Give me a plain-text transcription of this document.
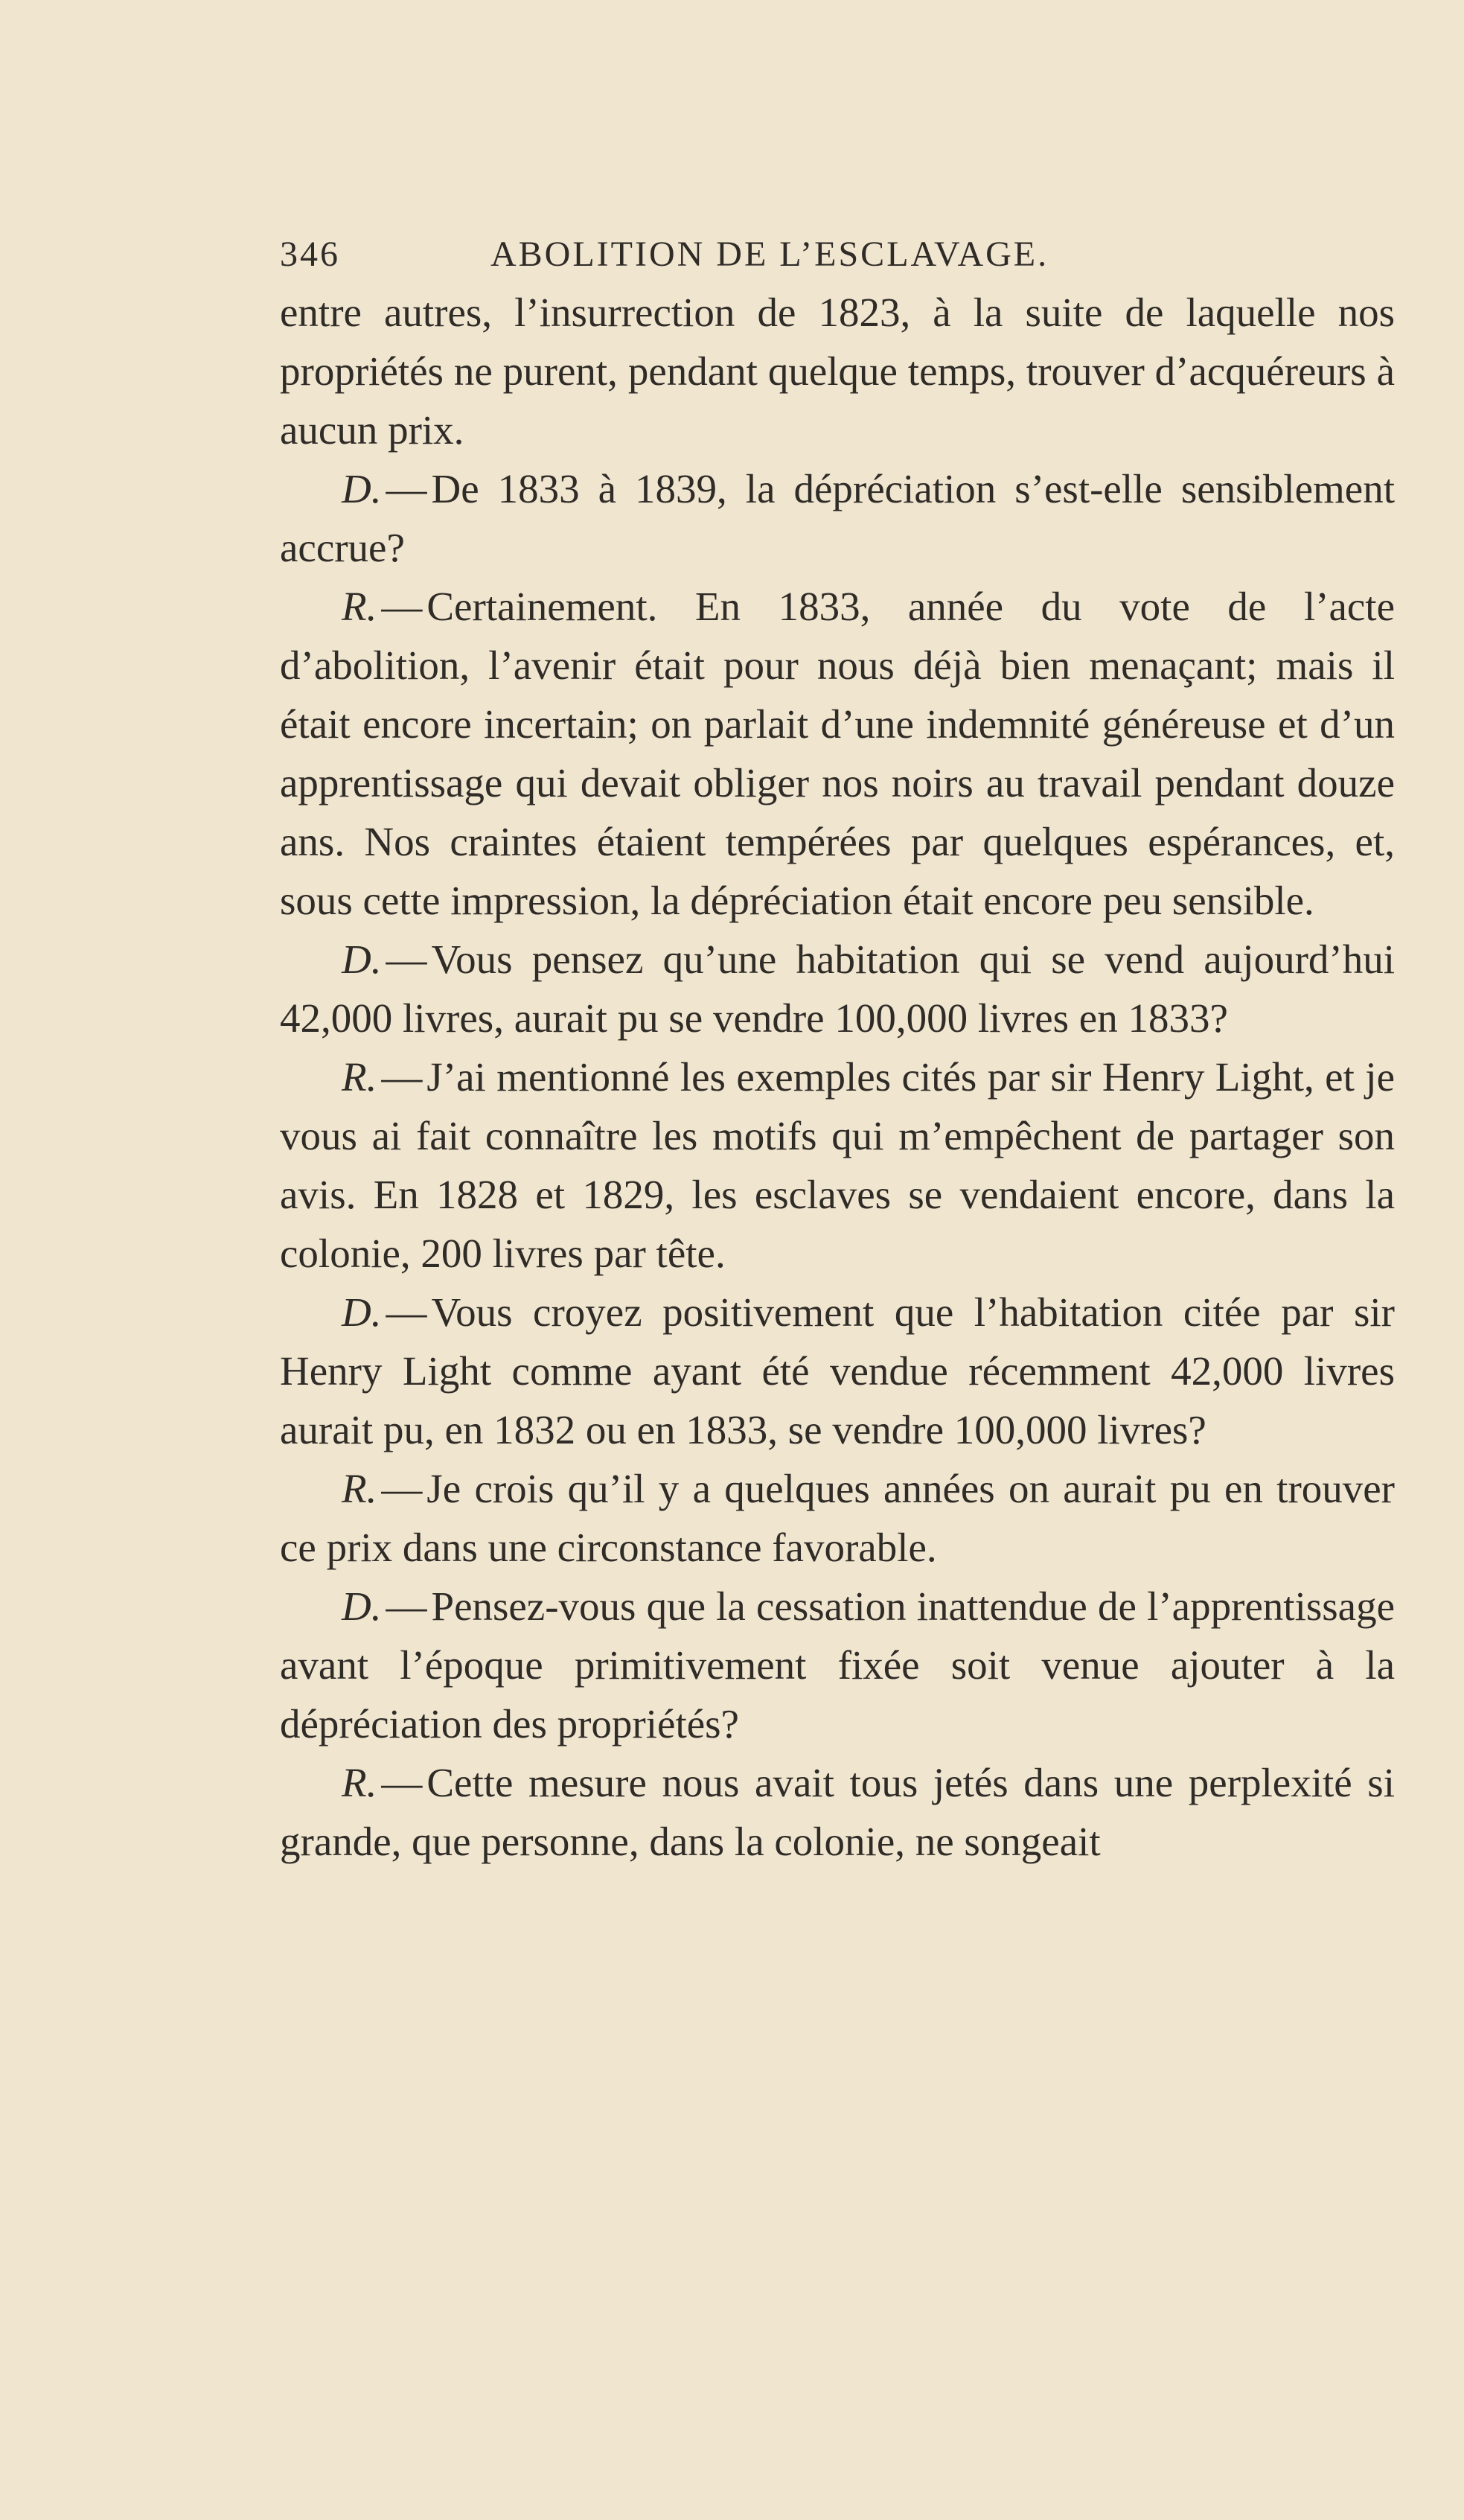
346	ABOLITION DE L’ESCLAVAGE.

entre autres, l’insurrection de 1823, à la suite de laquelle nos propriétés ne purent, pendant quelque temps, trouver d’acquéreurs à aucun prix.

D. — De 1833 à 1839, la dépréciation s’est-elle sensiblement accrue?

R. — Certainement. En 1833, année du vote de l’acte d’abolition, l’avenir était pour nous déjà bien menaçant; mais il était encore incertain; on parlait d’une indemnité généreuse et d’un apprentissage qui devait obliger nos noirs au travail pendant douze ans. Nos craintes étaient tempérées par quelques espérances, et, sous cette impression, la dépréciation était encore peu sensible.

D. — Vous pensez qu’une habitation qui se vend aujourd’hui 42,000 livres, aurait pu se vendre 100,000 livres en 1833?

R. — J’ai mentionné les exemples cités par sir Henry Light, et je vous ai fait connaître les motifs qui m’empêchent de partager son avis. En 1828 et 1829, les esclaves se vendaient encore, dans la colonie, 200 livres par tête.

D. — Vous croyez positivement que l’habitation citée par sir Henry Light comme ayant été vendue récemment 42,000 livres aurait pu, en 1832 ou en 1833, se vendre 100,000 livres?

R. — Je crois qu’il y a quelques années on aurait pu en trouver ce prix dans une circonstance favorable.

D. — Pensez-vous que la cessation inattendue de l’apprentissage avant l’époque primitivement fixée soit venue ajouter à la dépréciation des propriétés?

R. — Cette mesure nous avait tous jetés dans une perplexité si grande, que personne, dans la colonie, ne songeait
